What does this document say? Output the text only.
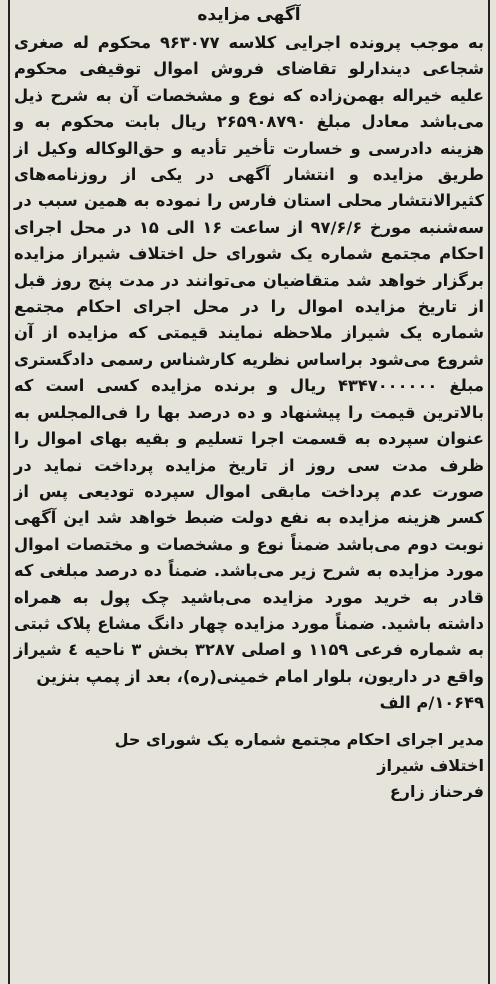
آگهی مزایده

به موجب پرونده اجرایی کلاسه ۹۶۳۰۷۷ محکوم له صغری شجاعی دیندارلو تقاضای فروش اموال توقیفی محکوم علیه خیراله بهمن‌زاده که نوع و مشخصات آن به شرح ذیل می‌باشد معادل مبلغ ۲۶۵۹۰۸۷۹۰ ریال بابت محکوم به و هزینه دادرسی و خسارت تأخیر تأدیه و حق‌الوکاله وکیل از طریق مزایده و انتشار آگهی در یکی از روزنامه‌های کثیرالانتشار محلی استان فارس را نموده به همین سبب در سه‌شنبه مورخ ۹۷/۶/۶ از ساعت ۱۶ الی ۱۵ در محل اجرای احکام مجتمع شماره یک شورای حل اختلاف شیراز مزایده برگزار خواهد شد متقاضیان می‌توانند در مدت پنج روز قبل از تاریخ مزایده اموال را در محل اجرای احکام مجتمع شماره یک شیراز ملاحظه نمایند قیمتی که مزایده از آن شروع می‌شود براساس نظریه کارشناس رسمی دادگستری مبلغ ۴۳۴۷۰۰۰۰۰۰ ریال و برنده مزایده کسی است که بالاترین قیمت را پیشنهاد و ده درصد بها را فی‌المجلس به عنوان سپرده به قسمت اجرا تسلیم و بقیه بهای اموال را ظرف مدت سی روز از تاریخ مزایده پرداخت نماید در صورت عدم پرداخت مابقی اموال سپرده تودیعی پس از کسر هزینه مزایده به نفع دولت ضبط خواهد شد این آگهی نوبت دوم می‌باشد ضمناً نوع و مشخصات و مختصات اموال مورد مزایده به شرح زیر می‌باشد. ضمناً ده درصد مبلغی که قادر به خرید مورد مزایده می‌باشید چک پول به همراه داشته باشید. ضمناً مورد مزایده چهار دانگ مشاع پلاک ثبتی به شماره فرعی ۱۱۵۹ و اصلی ۳۲۸۷ بخش ۳ ناحیه ٤ شیراز واقع در داریون، بلوار امام خمینی(ره)، بعد از پمپ بنزین

۱۰۶۴۹/م الف
مدیر اجرای احکام مجتمع شماره یک شورای حل
اختلاف شیراز
فرحناز زارع
